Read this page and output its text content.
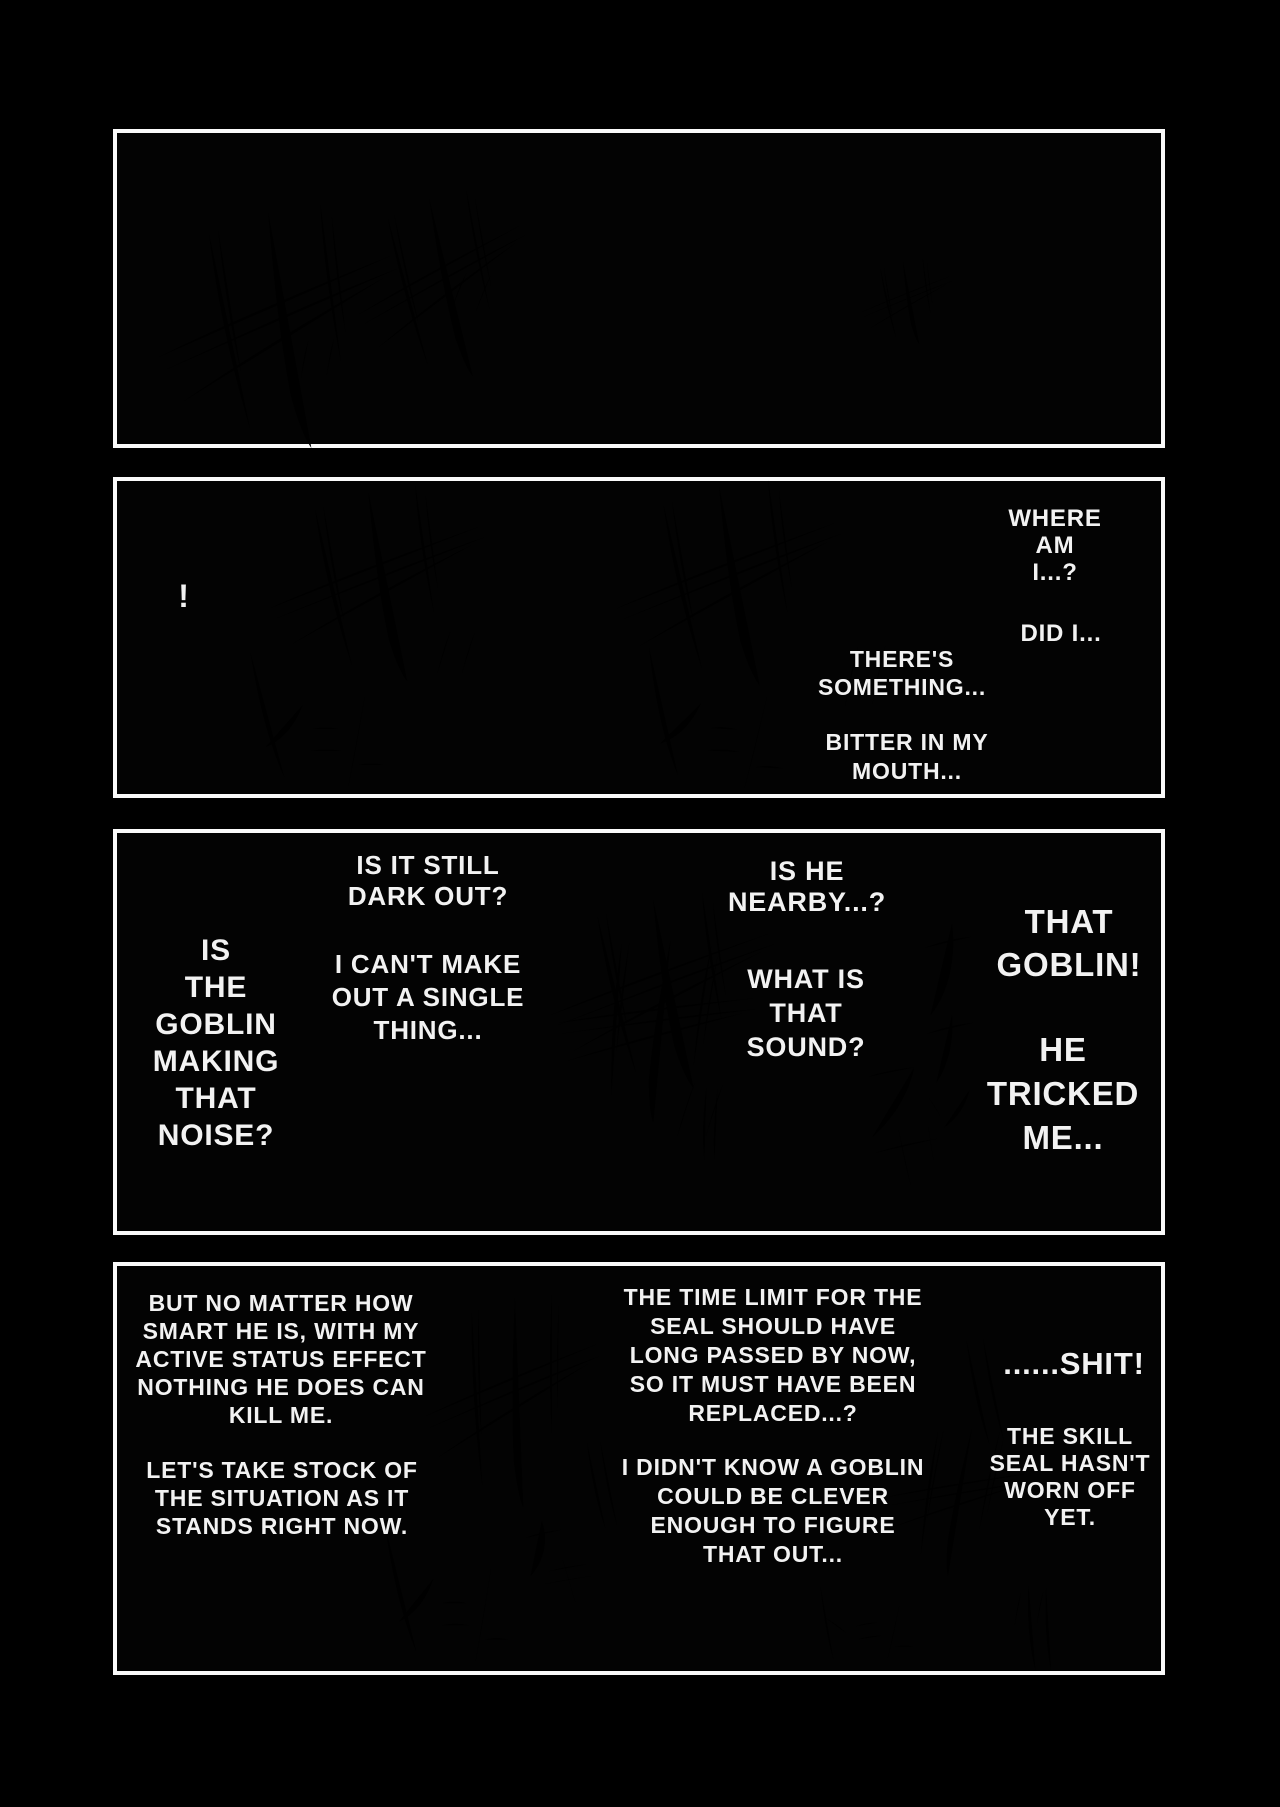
!
WHERE
AM
I...?
DID I...
THERE'S
SOMETHING...
BITTER IN MY
MOUTH...
IS IT STILL
DARK OUT?
IS
THE
GOBLIN
MAKING
THAT
NOISE?
I CAN'T MAKE
OUT A SINGLE
THING...
IS HE
NEARBY...?
WHAT IS
THAT
SOUND?
THAT
GOBLIN!
HE
TRICKED
ME...
BUT NO MATTER HOW
SMART HE IS, WITH MY
ACTIVE STATUS EFFECT
NOTHING HE DOES CAN
KILL ME.
LET'S TAKE STOCK OF
THE SITUATION AS IT
STANDS RIGHT NOW.
THE TIME LIMIT FOR THE
SEAL SHOULD HAVE
LONG PASSED BY NOW,
SO IT MUST HAVE BEEN
REPLACED...?
I DIDN'T KNOW A GOBLIN
COULD BE CLEVER
ENOUGH TO FIGURE
THAT OUT...
......SHIT!
THE SKILL
SEAL HASN'T
WORN OFF
YET.
